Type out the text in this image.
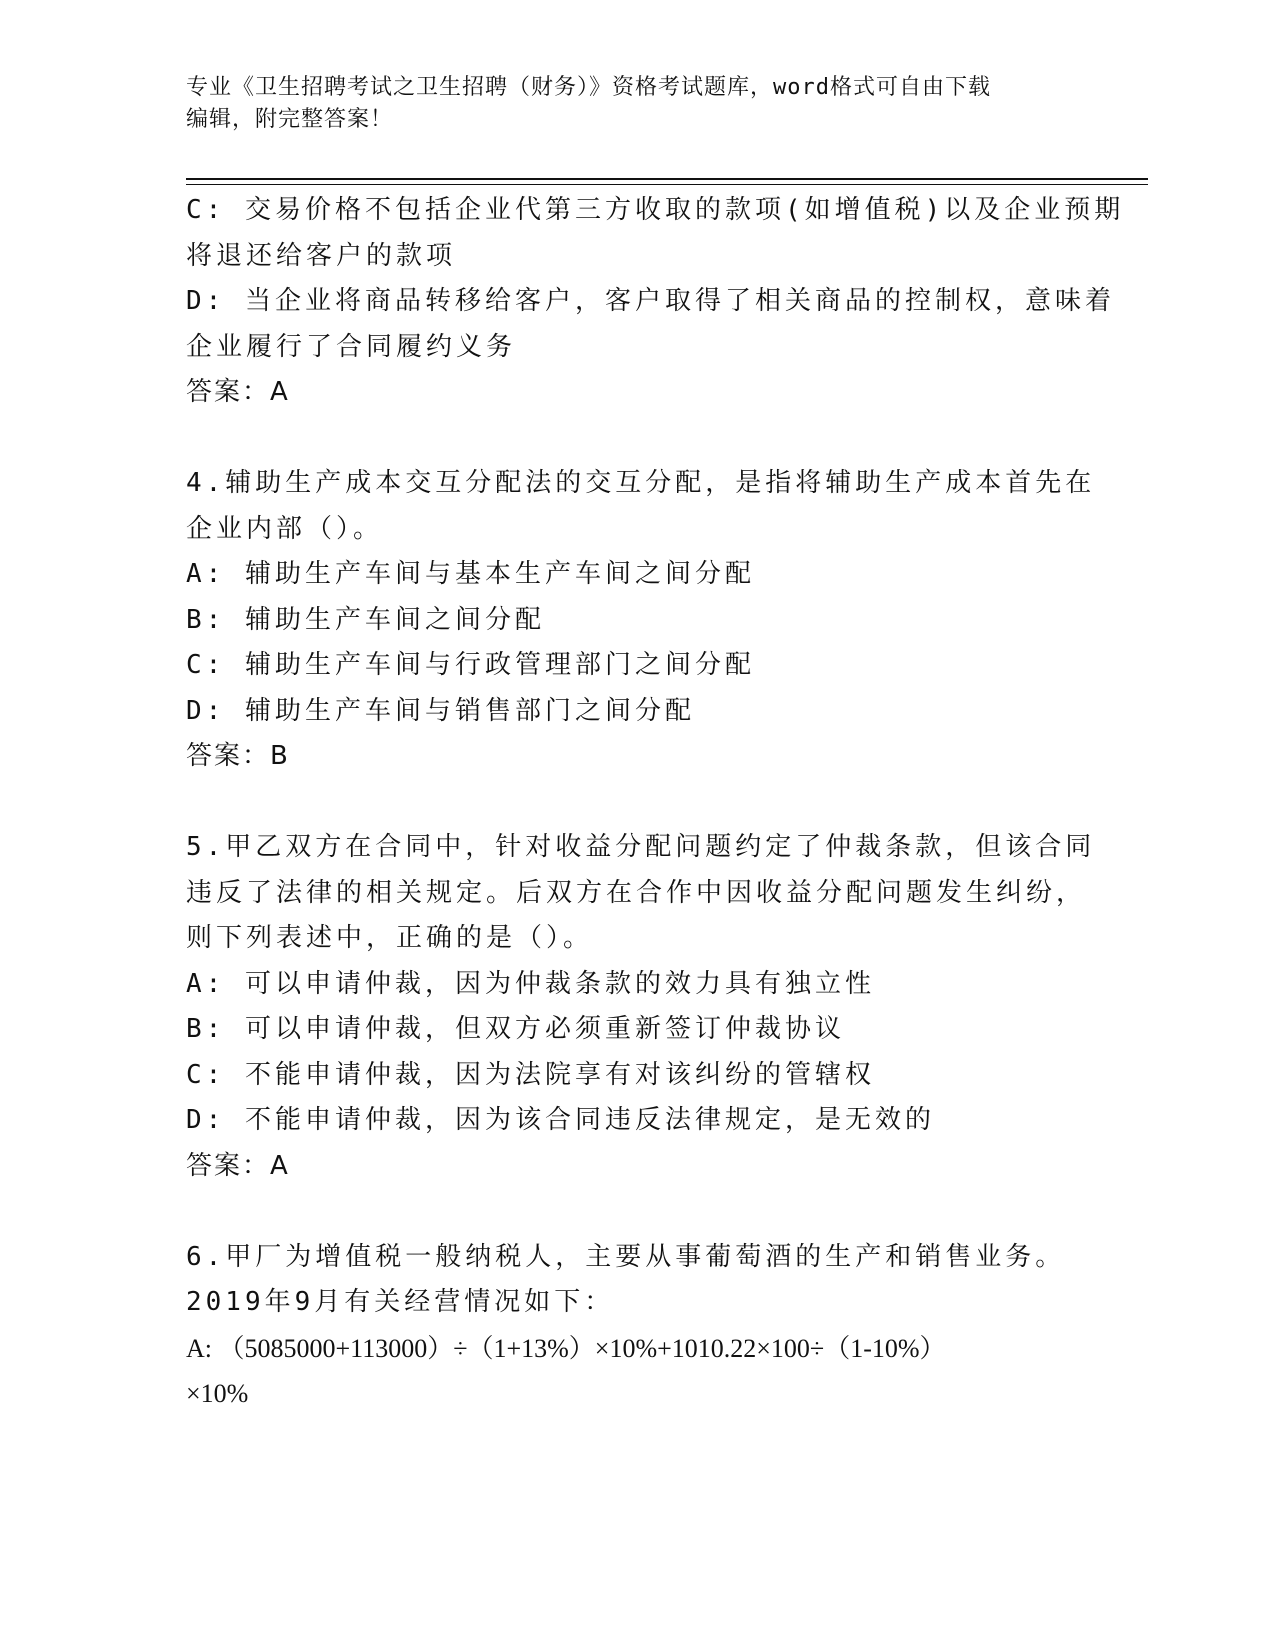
专业《卫生招聘考试之卫生招聘（财务）》资格考试题库，word格式可自由下载
编辑，附完整答案！
C: 交易价格不包括企业代第三方收取的款项(如增值税)以及企业预期
将退还给客户的款项
D: 当企业将商品转移给客户，客户取得了相关商品的控制权，意味着
企业履行了合同履约义务
答案：A
4.辅助生产成本交互分配法的交互分配，是指将辅助生产成本首先在
企业内部（）。
A: 辅助生产车间与基本生产车间之间分配
B: 辅助生产车间之间分配
C: 辅助生产车间与行政管理部门之间分配
D: 辅助生产车间与销售部门之间分配
答案：B
5.甲乙双方在合同中，针对收益分配问题约定了仲裁条款，但该合同
违反了法律的相关规定。后双方在合作中因收益分配问题发生纠纷，
则下列表述中，正确的是（）。
A: 可以申请仲裁，因为仲裁条款的效力具有独立性
B: 可以申请仲裁，但双方必须重新签订仲裁协议
C: 不能申请仲裁，因为法院享有对该纠纷的管辖权
D: 不能申请仲裁，因为该合同违反法律规定，是无效的
答案：A
6.甲厂为增值税一般纳税人，主要从事葡萄酒的生产和销售业务。
2019年9月有关经营情况如下：
A: （5085000+113000）÷（1+13%）×10%+1010.22×100÷（1-10%）
×10%
